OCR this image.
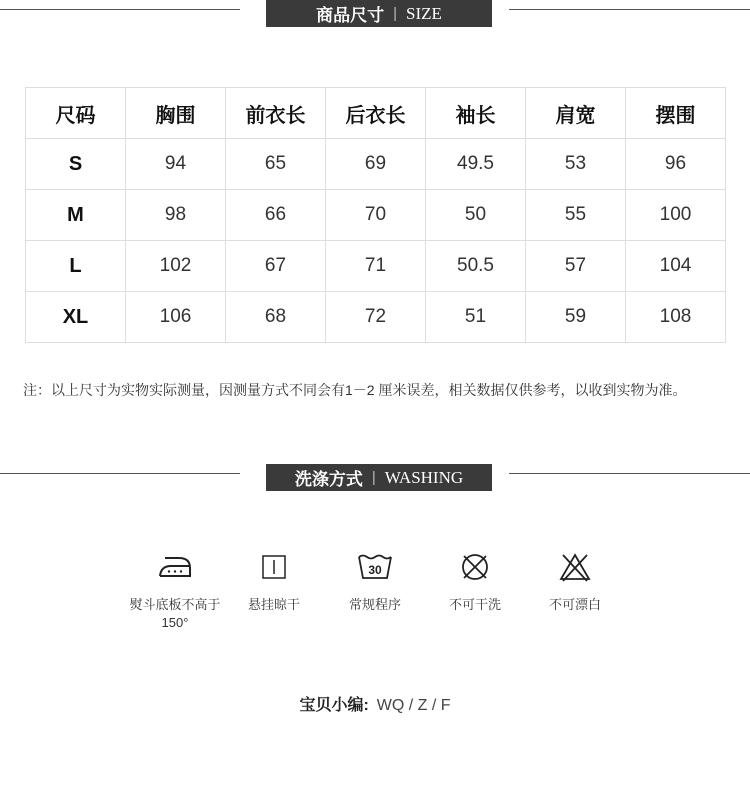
商品尺寸 | SIZE
尺码	胸围	前衣长	后衣长	袖长	肩宽	摆围
S	94	65	69	49.5	53	96
M	98	66	70	50	55	100
L	102	67	71	50.5	57	104
XL	106	68	72	51	59	108
注：以上尺寸为实物实际测量，因测量方式不同会有1－2 厘米误差，相关数据仅供参考，以收到实物为准。
洗涤方式 | WASHING
熨斗底板不高于150°
悬挂晾干
30
常规程序	不可干洗	不可漂白
宝贝小编: WQ / Z / F
